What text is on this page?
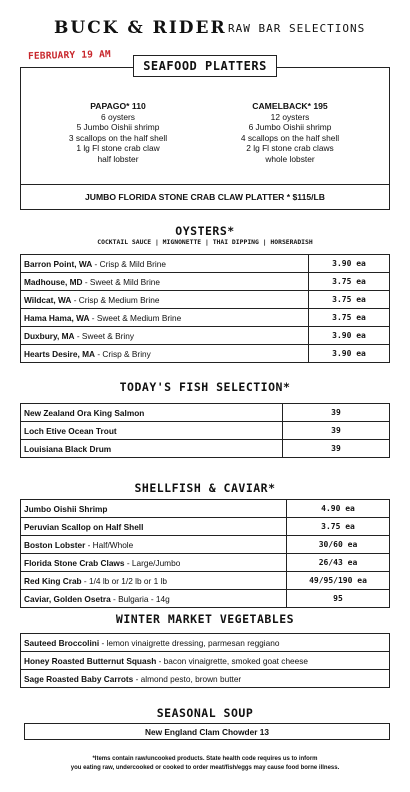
BUCK & RIDER RAW BAR SELECTIONS
FEBRUARY 19 AM
SEAFOOD PLATTERS
PAPAGO* 110
6 oysters
5 Jumbo Oishii shrimp
3 scallops on the half shell
1 lg Fl stone crab claw
half lobster
CAMELBACK* 195
12 oysters
6 Jumbo Oishii shrimp
4 scallops on the half shell
2 lg Fl stone crab claws
whole lobster
JUMBO FLORIDA STONE CRAB CLAW PLATTER * $115/LB
OYSTERS*
COCKTAIL SAUCE | MIGNONETTE | THAI DIPPING | HORSERADISH
Barron Point, WA - Crisp & Mild Brine	3.90 ea
Madhouse, MD - Sweet & Mild Brine	3.75 ea
Wildcat, WA - Crisp & Medium Brine	3.75 ea
Hama Hama, WA - Sweet & Medium Brine	3.75 ea
Duxbury, MA - Sweet & Briny	3.90 ea
Hearts Desire, MA - Crisp & Briny	3.90 ea
TODAY'S FISH SELECTION*
New Zealand Ora King Salmon	39
Loch Etive Ocean Trout	39
Louisiana Black Drum	39
SHELLFISH & CAVIAR*
Jumbo Oishii Shrimp	4.90 ea
Peruvian Scallop on Half Shell	3.75 ea
Boston Lobster - Half/Whole	30/60 ea
Florida Stone Crab Claws - Large/Jumbo	26/43 ea
Red King Crab - 1/4 lb or 1/2 lb or 1 lb	49/95/190 ea
Caviar, Golden Osetra - Bulgaria - 14g	95
WINTER MARKET VEGETABLES
Sauteed Broccolini - lemon vinaigrette dressing, parmesan reggiano
Honey Roasted Butternut Squash - bacon vinaigrette, smoked goat cheese
Sage Roasted Baby Carrots - almond pesto, brown butter
SEASONAL SOUP
New England Clam Chowder 13
*Items contain raw/uncooked products. State health code requires us to inform
you eating raw, undercooked or cooked to order meat/fish/eggs may cause food borne illness.
